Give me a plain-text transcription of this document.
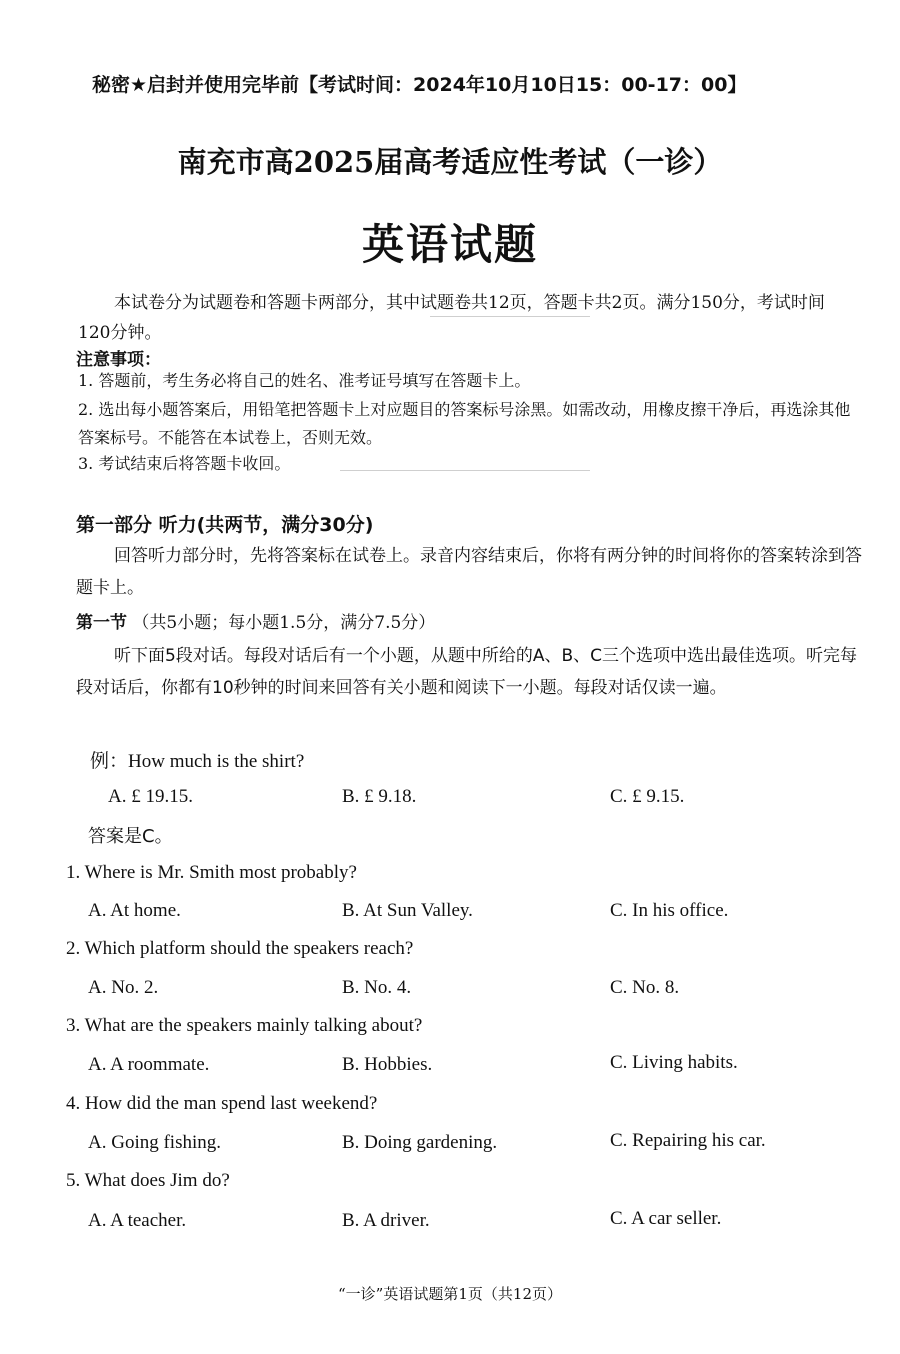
秘密★启封并使用完毕前【考试时间：2024年10月10日15：00-17：00】
南充市高2025届高考适应性考试（一诊）
英语试题
本试卷分为试题卷和答题卡两部分，其中试题卷共12页，答题卡共2页。满分150分，考试时间120分钟。
注意事项：
1. 答题前，考生务必将自己的姓名、准考证号填写在答题卡上。
2. 选出每小题答案后，用铅笔把答题卡上对应题目的答案标号涂黑。如需改动，用橡皮擦干净后，再选涂其他答案标号。不能答在本试卷上，否则无效。
3. 考试结束后将答题卡收回。
第一部分 听力(共两节，满分30分)
回答听力部分时，先将答案标在试卷上。录音内容结束后，你将有两分钟的时间将你的答案转涂到答题卡上。
第一节 （共5小题；每小题1.5分，满分7.5分）
听下面5段对话。每段对话后有一个小题，从题中所给的A、B、C三个选项中选出最佳选项。听完每段对话后，你都有10秒钟的时间来回答有关小题和阅读下一小题。每段对话仅读一遍。
例：How much is the shirt?
A. £ 19.15.	B. £ 9.18.	C. £ 9.15.
答案是C。
1. Where is Mr. Smith most probably?
A. At home.	B. At Sun Valley.	C. In his office.
2. Which platform should the speakers reach?
A. No. 2.	B. No. 4.	C. No. 8.
3. What are the speakers mainly talking about?
A. A roommate.	B. Hobbies.	C. Living habits.
4. How did the man spend last weekend?
A. Going fishing.	B. Doing gardening.	C. Repairing his car.
5. What does Jim do?
A. A teacher.	B. A driver.	C. A car seller.
“一诊”英语试题第1页（共12页）
